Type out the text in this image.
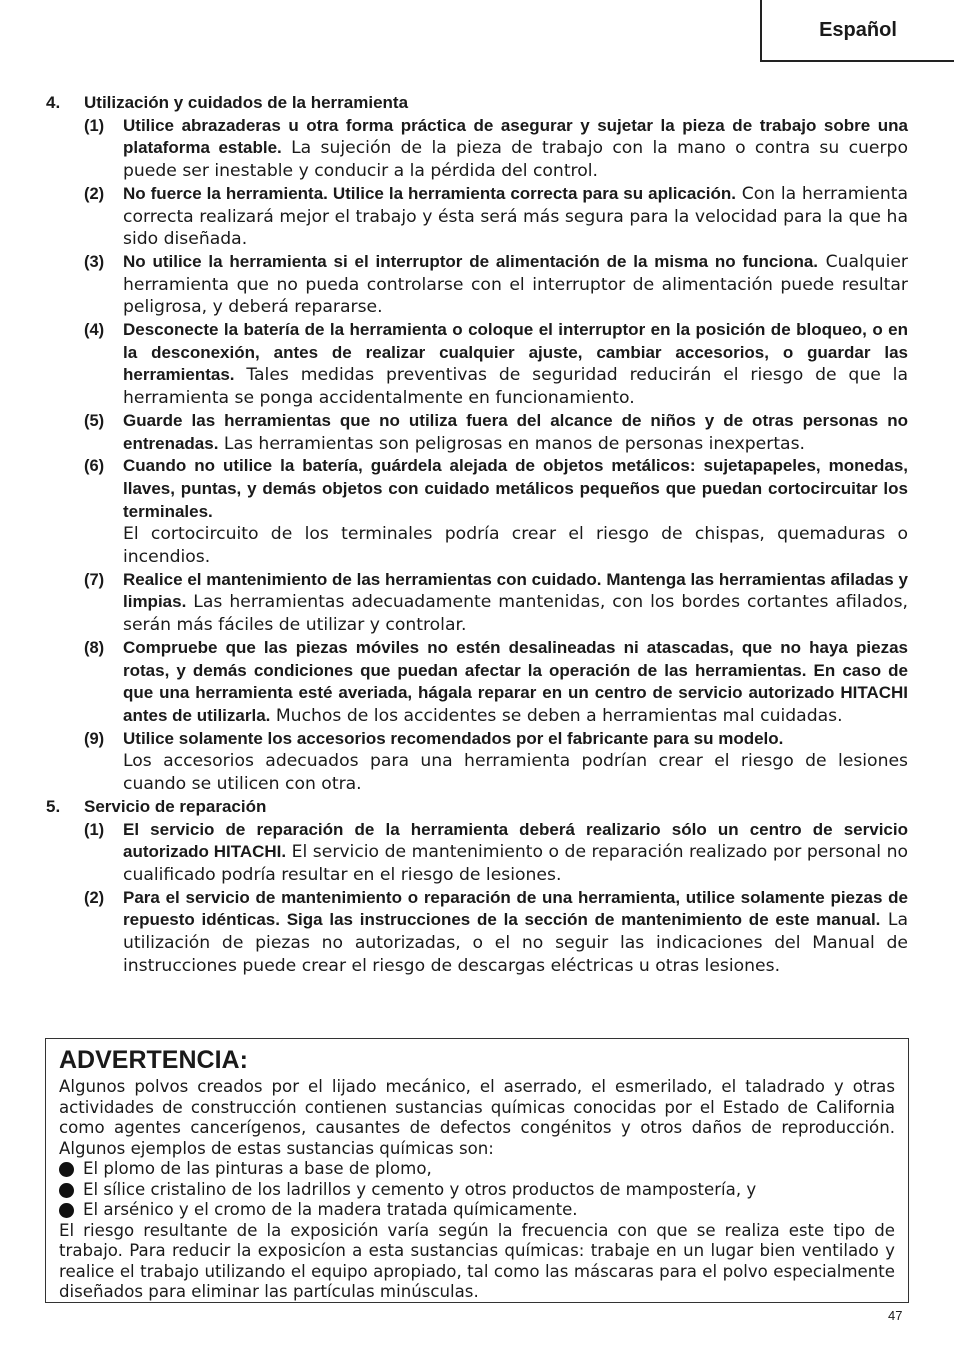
Español
4.	Utilización y cuidados de la herramienta
(1)	Utilice abrazaderas u otra forma práctica de asegurar y sujetar la pieza de trabajo sobre una plataforma estable. La sujeción de la pieza de trabajo con la mano o contra su cuerpo puede ser inestable y conducir a la pérdida del control.
(2)	No fuerce la herramienta. Utilice la herramienta correcta para su aplicación. Con la herramienta correcta realizará mejor el trabajo y ésta será más segura para la velocidad para la que ha sido diseñada.
(3)	No utilice la herramienta si el interruptor de alimentación de la misma no funciona. Cualquier herramienta que no pueda controlarse con el interruptor de alimentación puede resultar peligrosa, y deberá repararse.
(4)	Desconecte la batería de la herramienta o coloque el interruptor en la posición de bloqueo, o en la desconexión, antes de realizar cualquier ajuste, cambiar accesorios, o guardar las herramientas. Tales medidas preventivas de seguridad reducirán el riesgo de que la herramienta se ponga accidentalmente en funcionamiento.
(5)	Guarde las herramientas que no utiliza fuera del alcance de niños y de otras personas no entrenadas. Las herramientas son peligrosas en manos de personas inexpertas.
(6)	Cuando no utilice la batería, guárdela alejada de objetos metálicos: sujetapapeles, monedas, llaves, puntas, y demás objetos con cuidado metálicos pequeños que puedan cortocircuitar los terminales.
El cortocircuito de los terminales podría crear el riesgo de chispas, quemaduras o incendios.
(7)	Realice el mantenimiento de las herramientas con cuidado. Mantenga las herramientas afiladas y limpias. Las herramientas adecuadamente mantenidas, con los bordes cortantes afilados, serán más fáciles de utilizar y controlar.
(8)	Compruebe que las piezas móviles no estén desalineadas ni atascadas, que no haya piezas rotas, y demás condiciones que puedan afectar la operación de las herramientas. En caso de que una herramienta esté averiada, hágala reparar en un centro de servicio autorizado HITACHI antes de utilizarla. Muchos de los accidentes se deben a herramientas mal cuidadas.
(9)	Utilice solamente los accesorios recomendados por el fabricante para su modelo.
Los accesorios adecuados para una herramienta podrían crear el riesgo de lesiones cuando se utilicen con otra.
5.	Servicio de reparación
(1)	El servicio de reparación de la herramienta deberá realizario sólo un centro de servicio autorizado HITACHI. El servicio de mantenimiento o de reparación realizado por personal no cualificado podría resultar en el riesgo de lesiones.
(2)	Para el servicio de mantenimiento o reparación de una herramienta, utilice solamente piezas de repuesto idénticas. Siga las instrucciones de la sección de mantenimiento de este manual. La utilización de piezas no autorizadas, o el no seguir las indicaciones del Manual de instrucciones puede crear el riesgo de descargas eléctricas u otras lesiones.

ADVERTENCIA:

Algunos polvos creados por el lijado mecánico, el aserrado, el esmerilado, el taladrado y otras actividades de construcción contienen sustancias químicas conocidas por el Estado de California como agentes cancerígenos, causantes de defectos congénitos y otros daños de reproducción. Algunos ejemplos de estas sustancias químicas son:

El plomo de las pinturas a base de plomo,
El sílice cristalino de los ladrillos y cemento y otros productos de mampostería, y
El arsénico y el cromo de la madera tratada químicamente.

El riesgo resultante de la exposición varía según la frecuencia con que se realiza este tipo de trabajo. Para reducir la exposicíon a esta sustancias químicas: trabaje en un lugar bien ventilado y realice el trabajo utilizando el equipo apropiado, tal como las máscaras para el polvo especialmente diseñados para eliminar las partículas minúsculas.

47
